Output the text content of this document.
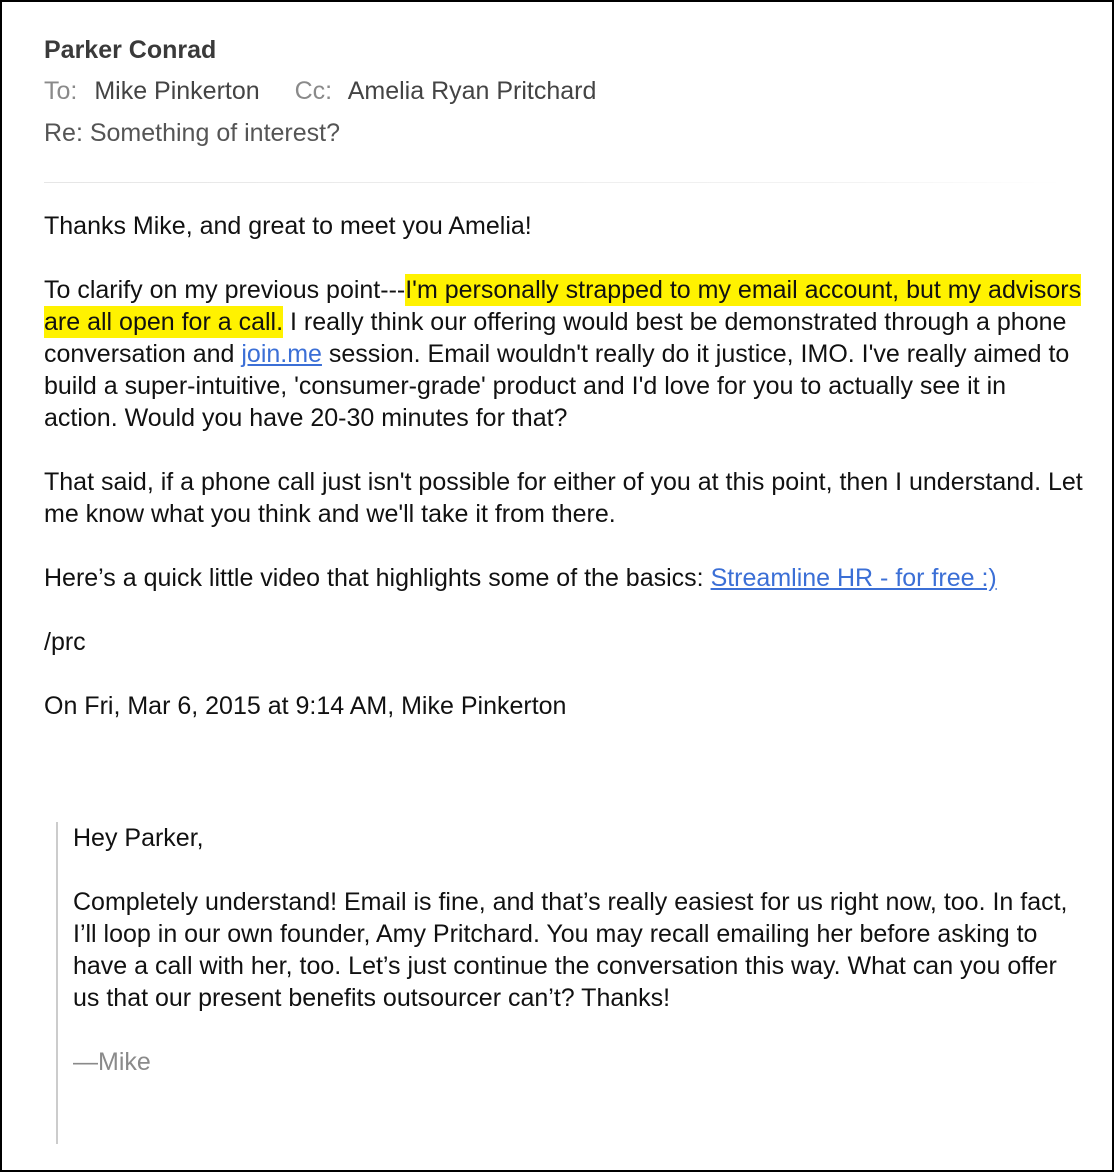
Parker Conrad
To: Mike Pinkerton Cc: Amelia Ryan Pritchard
Re: Something of interest?

Thanks Mike, and great to meet you Amelia!

To clarify on my previous point---I'm personally strapped to my email account, but my advisors are all open for a call. I really think our offering would best be demonstrated through a phone conversation and join.me session. Email wouldn't really do it justice, IMO. I've really aimed to build a super-intuitive, 'consumer-grade' product and I'd love for you to actually see it in action. Would you have 20-30 minutes for that?

That said, if a phone call just isn't possible for either of you at this point, then I understand. Let me know what you think and we'll take it from there.

Here’s a quick little video that highlights some of the basics: Streamline HR - for free :)

/prc

On Fri, Mar 6, 2015 at 9:14 AM, Mike Pinkerton

Hey Parker,

Completely understand! Email is fine, and that’s really easiest for us right now, too. In fact, I’ll loop in our own founder, Amy Pritchard. You may recall emailing her before asking to have a call with her, too. Let’s just continue the conversation this way. What can you offer us that our present benefits outsourcer can’t? Thanks!

—Mike
